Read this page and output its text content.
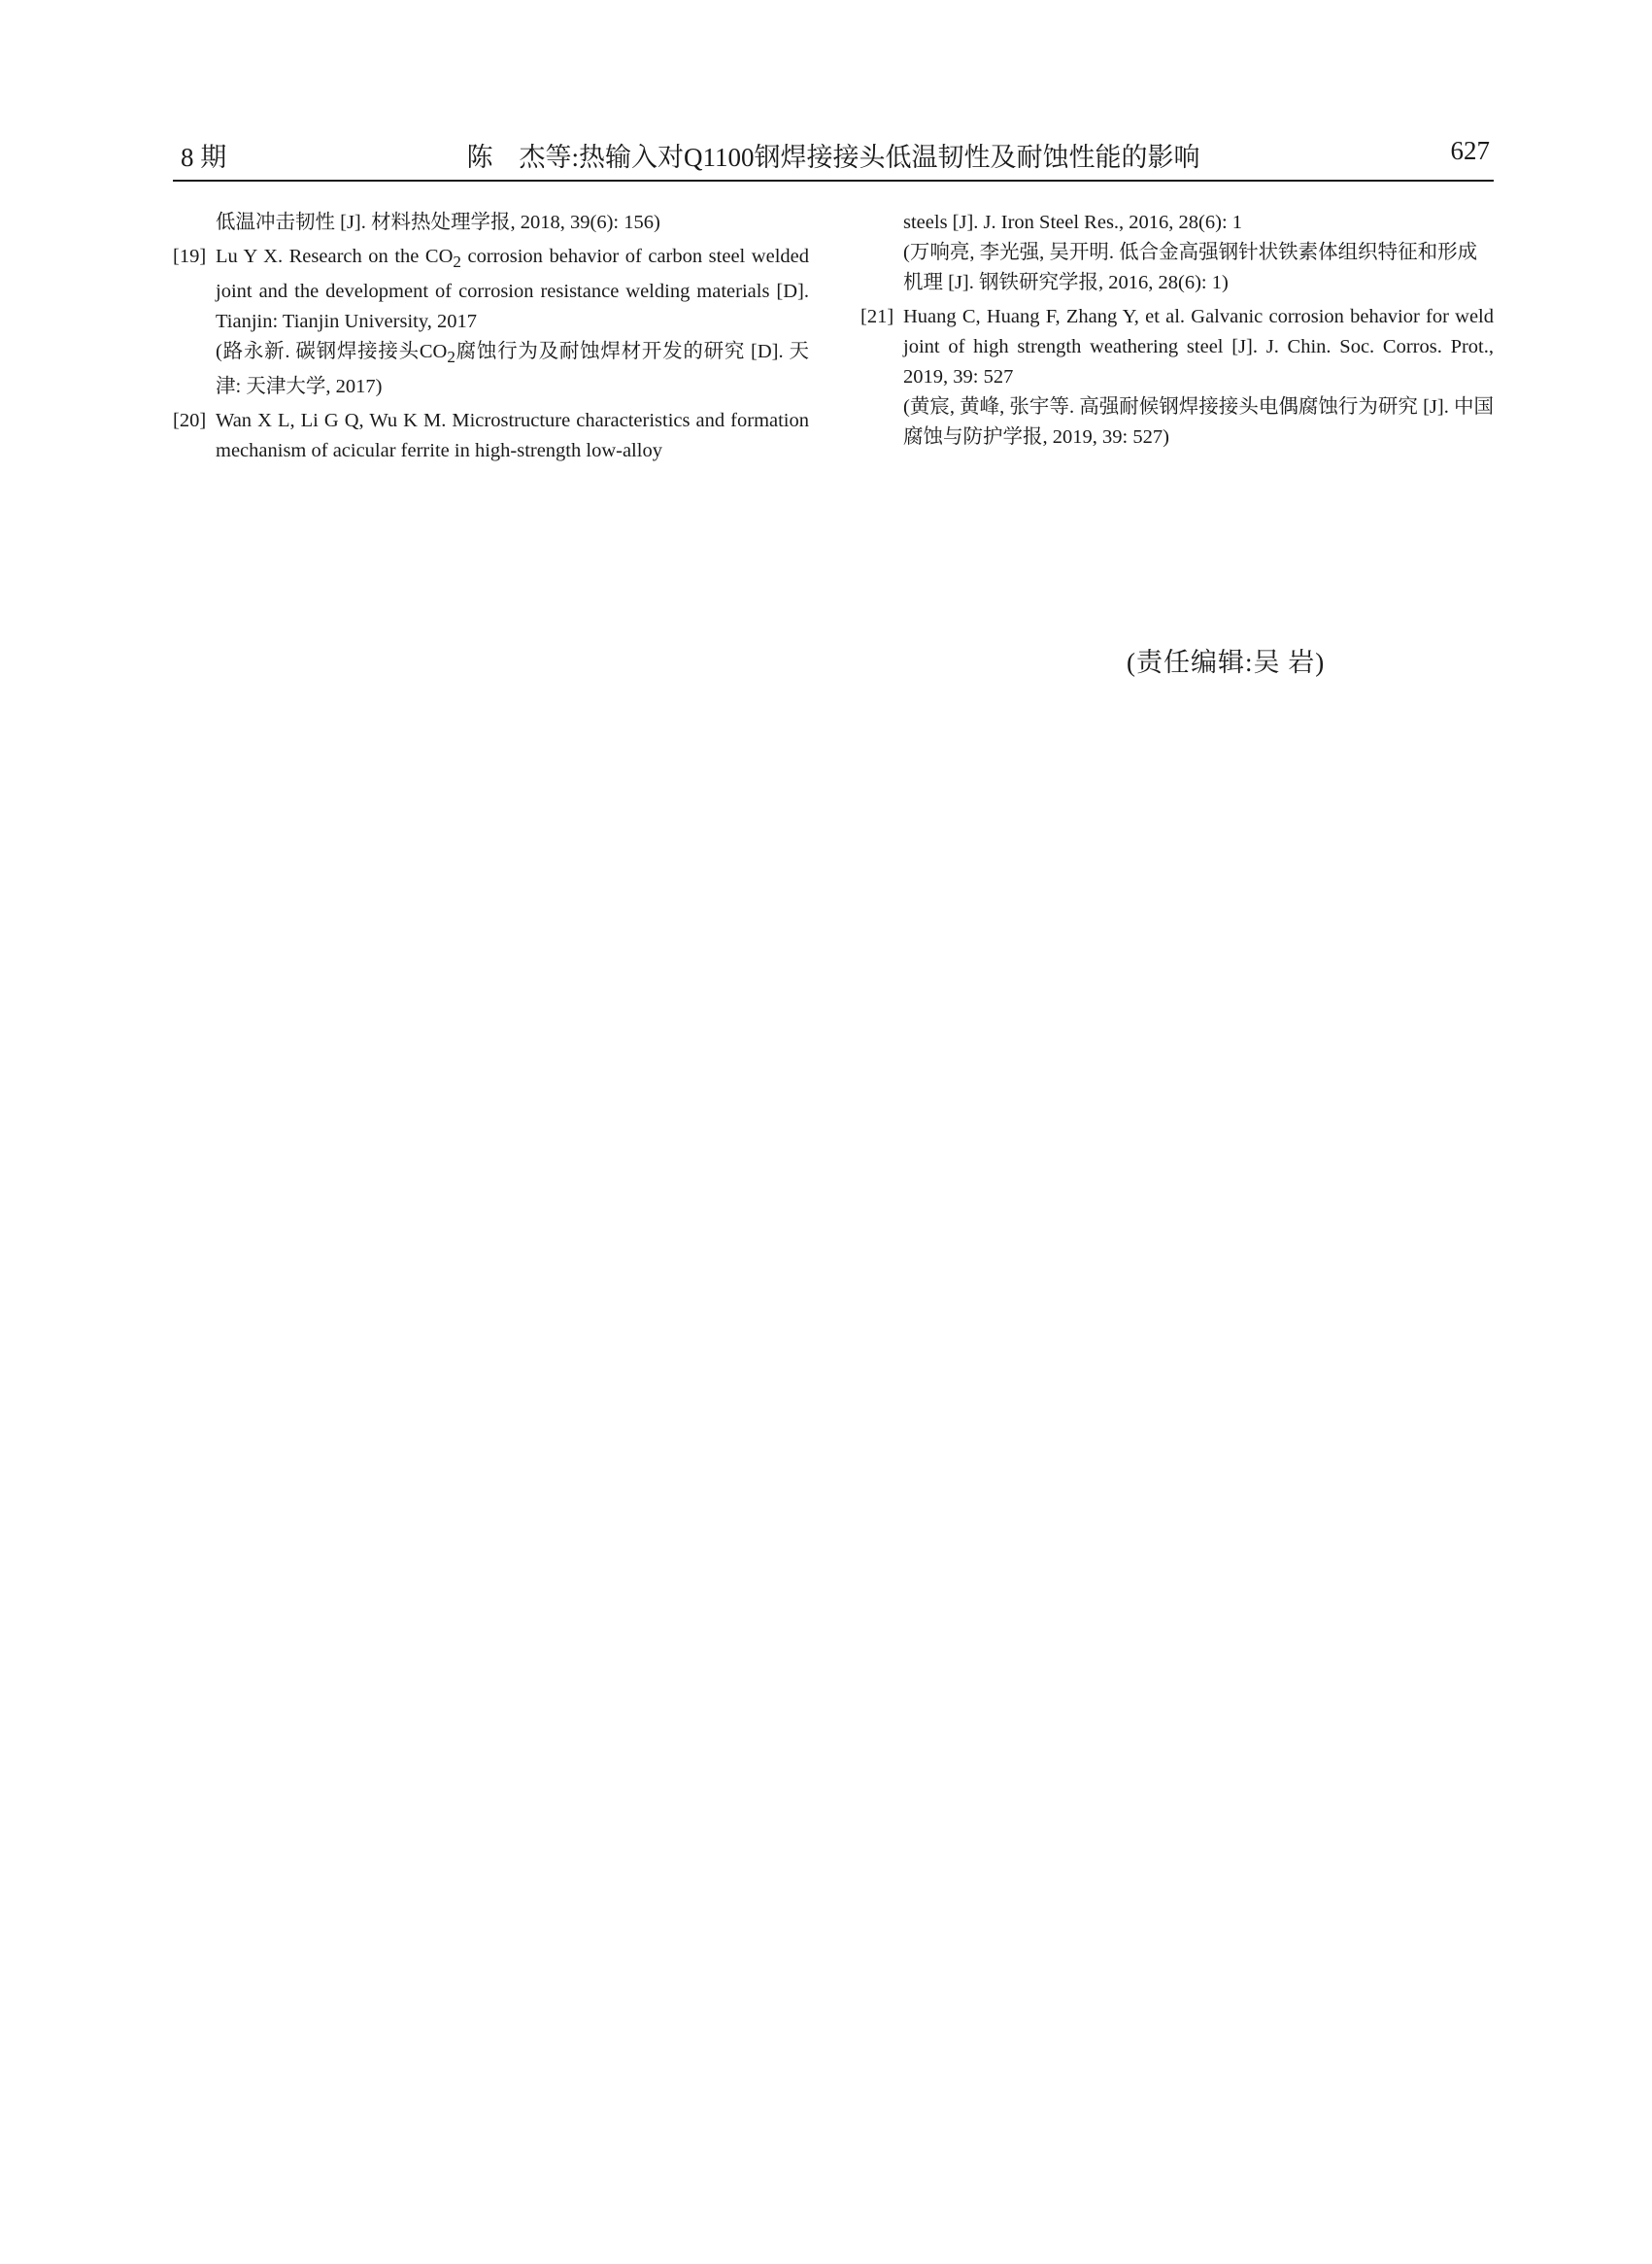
8 期	陈　杰等:热输入对Q1100钢焊接接头低温韧性及耐蚀性能的影响	627

低温冲击韧性 [J]. 材料热处理学报, 2018, 39(6): 156)

[19] Lu Y X. Research on the $CO_2$ corrosion behavior of carbon steel welded joint and the development of corrosion resistance welding materials [D]. Tianjin: Tianjin University, 2017

(路永新. 碳钢焊接接头$CO_2$腐蚀行为及耐蚀焊材开发的研究 [D]. 天津: 天津大学, 2017)

[20] Wan X L, Li G Q, Wu K M. Microstructure characteristics and formation mechanism of acicular ferrite in high-strength low-alloy

steels [J]. J. Iron Steel Res., 2016, 28(6): 1

(万响亮, 李光强, 吴开明. 低合金高强钢针状铁素体组织特征和形成机理 [J]. 钢铁研究学报, 2016, 28(6): 1)

[21] Huang C, Huang F, Zhang Y, et al. Galvanic corrosion behavior for weld joint of high strength weathering steel [J]. J. Chin. Soc. Corros. Prot., 2019, 39: 527

(黄宸, 黄峰, 张宇等. 高强耐候钢焊接接头电偶腐蚀行为研究 [J]. 中国腐蚀与防护学报, 2019, 39: 527)

(责任编辑:吴 岩)
